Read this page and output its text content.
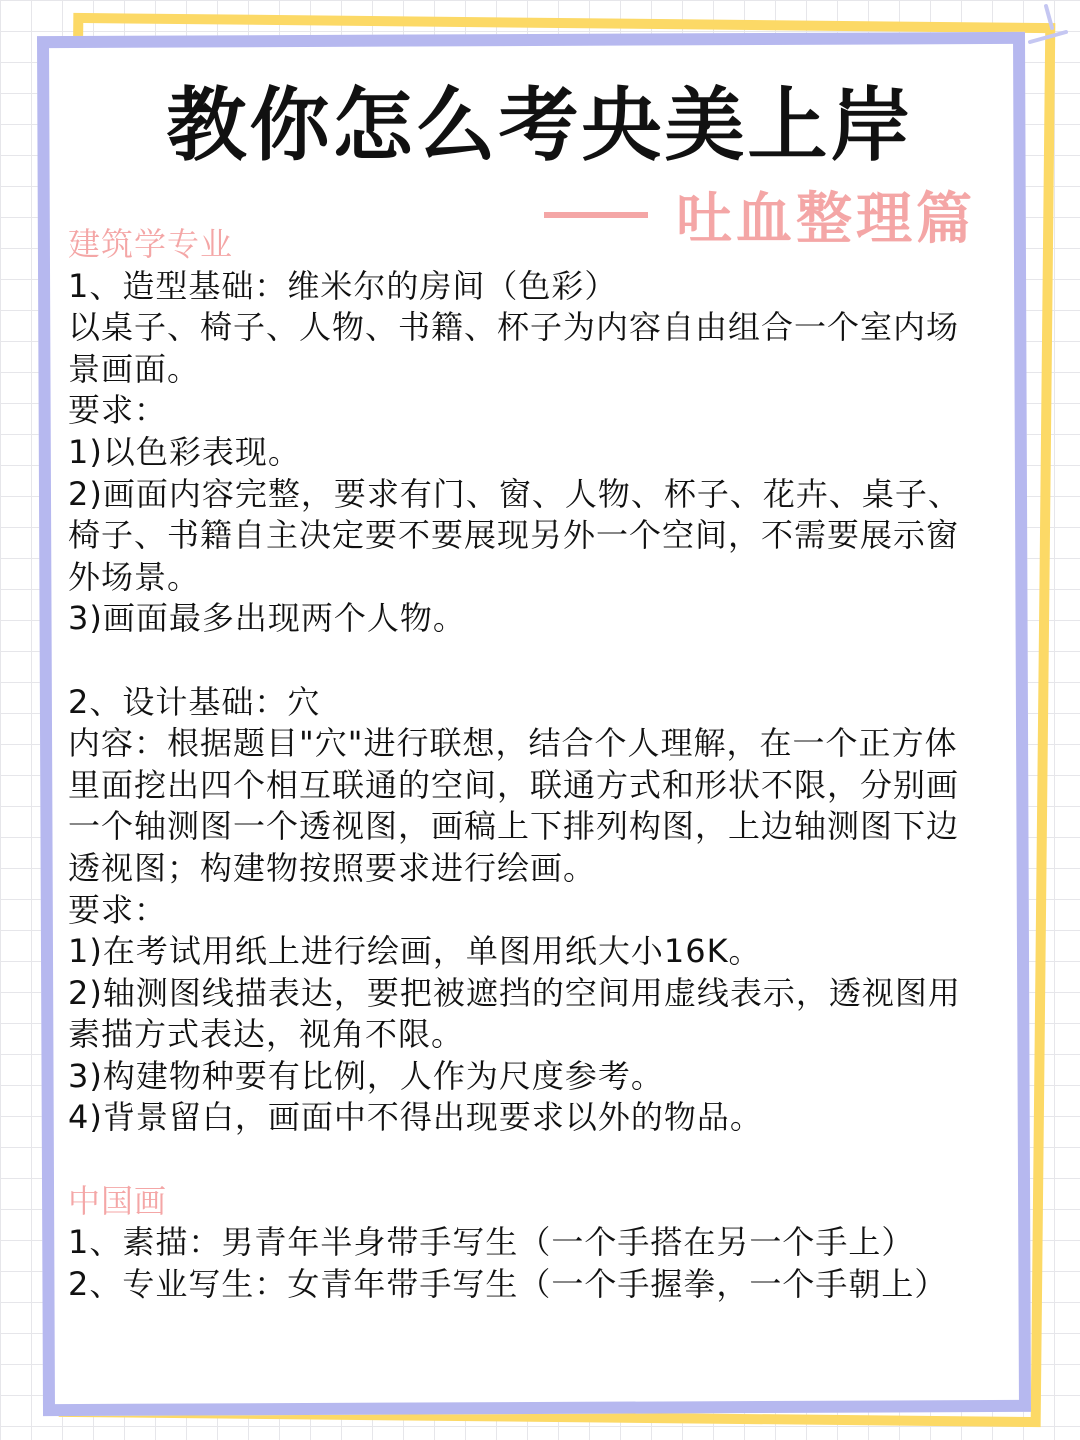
教你怎么考央美上岸
吐血整理篇

建筑学专业

1、造型基础：维米尔的房间（色彩）

以桌子、椅子、人物、书籍、杯子为内容自由组合一个室内场景画面。

要求：

1)以色彩表现。

2)画面内容完整，要求有门、窗、人物、杯子、花卉、桌子、椅子、书籍自主决定要不要展现另外一个空间，不需要展示窗外场景。

3)画面最多出现两个人物。

2、设计基础：穴

内容：根据题目"穴"进行联想，结合个人理解，在一个正方体里面挖出四个相互联通的空间，联通方式和形状不限，分别画一个轴测图一个透视图，画稿上下排列构图，上边轴测图下边透视图；构建物按照要求进行绘画。

要求：

1)在考试用纸上进行绘画，单图用纸大小16K。

2)轴测图线描表达，要把被遮挡的空间用虚线表示，透视图用素描方式表达，视角不限。

3)构建物种要有比例，人作为尺度参考。

4)背景留白，画面中不得出现要求以外的物品。

中国画

1、素描：男青年半身带手写生（一个手搭在另一个手上）

2、专业写生：女青年带手写生（一个手握拳，一个手朝上）
